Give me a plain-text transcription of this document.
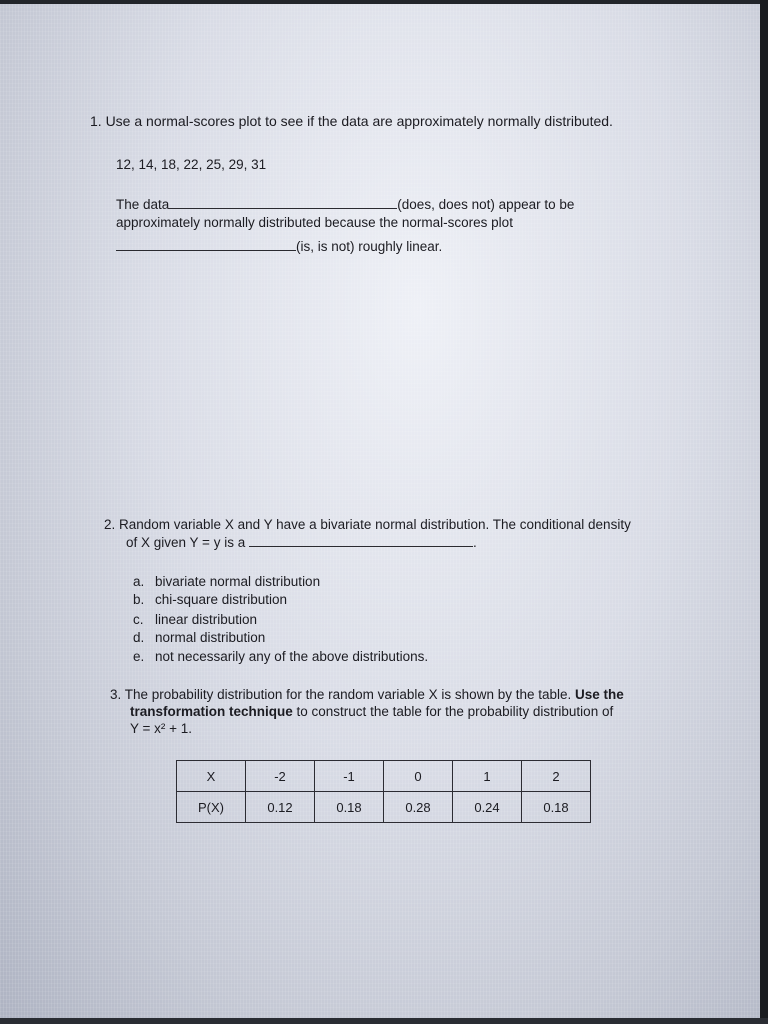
1. Use a normal-scores plot to see if the data are approximately normally distributed.
12, 14, 18, 22, 25, 29, 31
The data	(does, does not) appear to be
approximately normally distributed because the normal-scores plot
(is, is not) roughly linear.
2. Random variable X and Y have a bivariate normal distribution. The conditional density
of X given Y = y is a	.
a. bivariate normal distribution
b. chi-square distribution
c. linear distribution
d. normal distribution
e. not necessarily any of the above distributions.
3. The probability distribution for the random variable X is shown by the table. Use the
transformation technique to construct the table for the probability distribution of
Y = x² + 1.
X	-2	-1	0	1	2
P(X)	0.12	0.18	0.28	0.24	0.18
